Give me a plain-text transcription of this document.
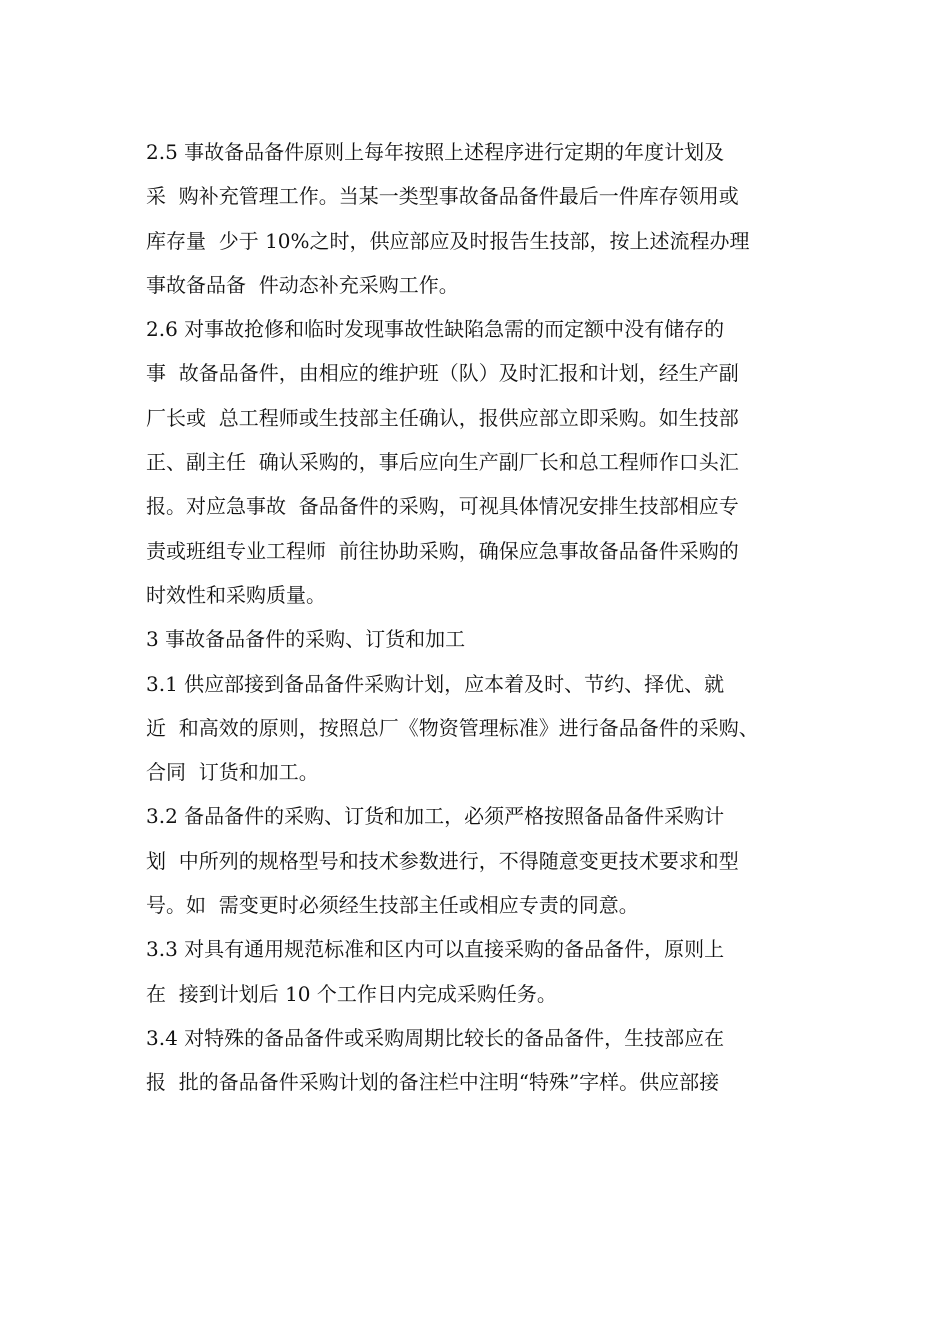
2.5 事故备品备件原则上每年按照上述程序进行定期的年度计划及
采  购补充管理工作。当某一类型事故备品备件最后一件库存领用或
库存量  少于 10%之时，供应部应及时报告生技部，按上述流程办理
事故备品备  件动态补充采购工作。
2.6 对事故抢修和临时发现事故性缺陷急需的而定额中没有储存的
事  故备品备件，由相应的维护班（队）及时汇报和计划，经生产副
厂长或  总工程师或生技部主任确认，报供应部立即采购。如生技部
正、副主任  确认采购的，事后应向生产副厂长和总工程师作口头汇
报。对应急事故  备品备件的采购，可视具体情况安排生技部相应专
责或班组专业工程师  前往协助采购，确保应急事故备品备件采购的
时效性和采购质量。
3 事故备品备件的采购、订货和加工
3.1 供应部接到备品备件采购计划，应本着及时、节约、择优、就
近  和高效的原则，按照总厂《物资管理标准》进行备品备件的采购、
合同  订货和加工。
3.2 备品备件的采购、订货和加工，必须严格按照备品备件采购计
划  中所列的规格型号和技术参数进行，不得随意变更技术要求和型
号。如  需变更时必须经生技部主任或相应专责的同意。
3.3 对具有通用规范标准和区内可以直接采购的备品备件，原则上
在  接到计划后 10 个工作日内完成采购任务。
3.4 对特殊的备品备件或采购周期比较长的备品备件，生技部应在
报  批的备品备件采购计划的备注栏中注明“特殊”字样。供应部接
